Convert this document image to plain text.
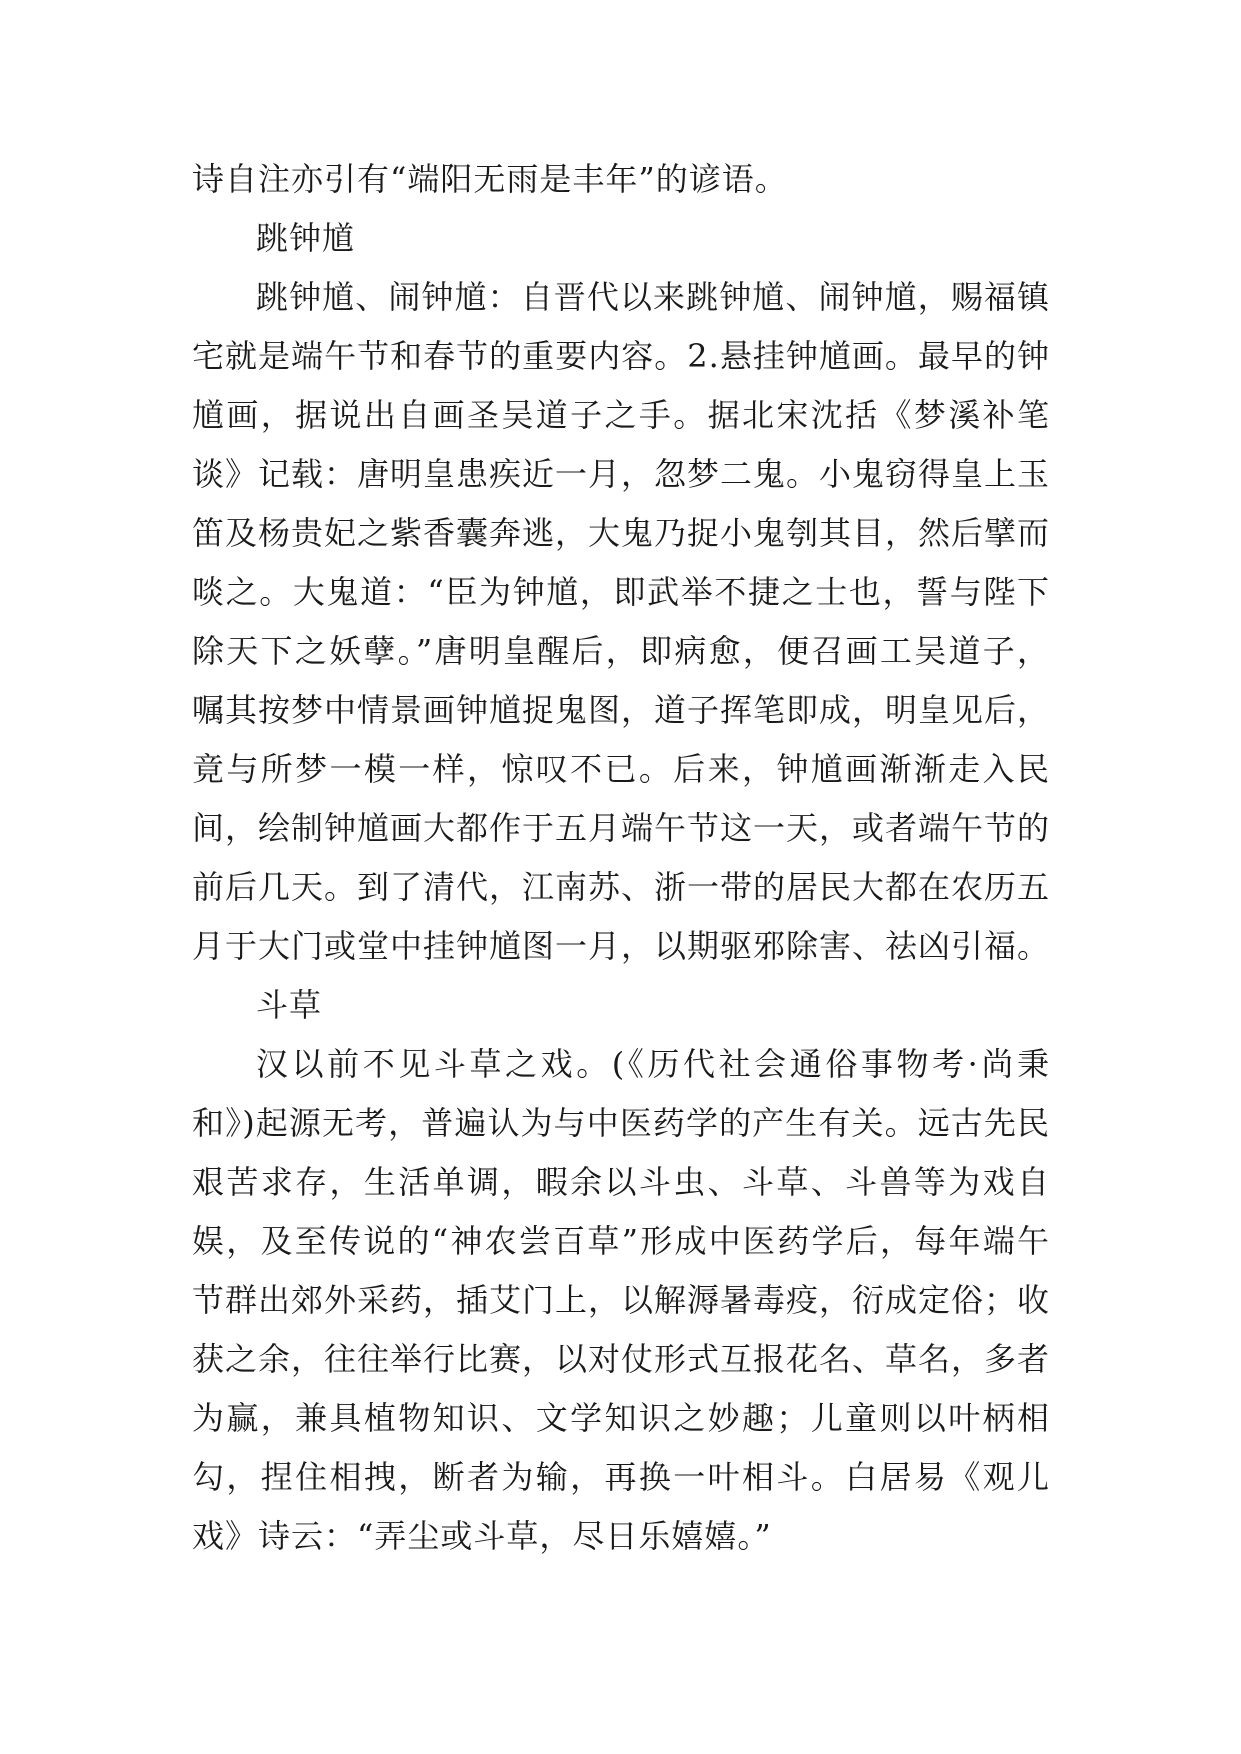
诗自注亦引有“端阳无雨是丰年”的谚语。

跳钟馗

跳钟馗、闹钟馗：自晋代以来跳钟馗、闹钟馗，赐福镇宅就是端午节和春节的重要内容。2.悬挂钟馗画。最早的钟馗画，据说出自画圣吴道子之手。据北宋沈括《梦溪补笔谈》记载：唐明皇患疾近一月，忽梦二鬼。小鬼窃得皇上玉笛及杨贵妃之紫香囊奔逃，大鬼乃捉小鬼刳其目，然后擘而啖之。大鬼道：“臣为钟馗，即武举不捷之士也，誓与陛下除天下之妖孽。”唐明皇醒后，即病愈，便召画工吴道子，嘱其按梦中情景画钟馗捉鬼图，道子挥笔即成，明皇见后，竟与所梦一模一样，惊叹不已。后来，钟馗画渐渐走入民间，绘制钟馗画大都作于五月端午节这一天，或者端午节的前后几天。到了清代，江南苏、浙一带的居民大都在农历五月于大门或堂中挂钟馗图一月，以期驱邪除害、祛凶引福。

斗草

汉以前不见斗草之戏。(《历代社会通俗事物考·尚秉和》)起源无考，普遍认为与中医药学的产生有关。远古先民艰苦求存，生活单调，暇余以斗虫、斗草、斗兽等为戏自娱，及至传说的“神农尝百草”形成中医药学后，每年端午节群出郊外采药，插艾门上，以解溽暑毒疫，衍成定俗；收获之余，往往举行比赛，以对仗形式互报花名、草名，多者为赢，兼具植物知识、文学知识之妙趣；儿童则以叶柄相勾，捏住相拽，断者为输，再换一叶相斗。白居易《观儿戏》诗云：“弄尘或斗草，尽日乐嬉嬉。”
